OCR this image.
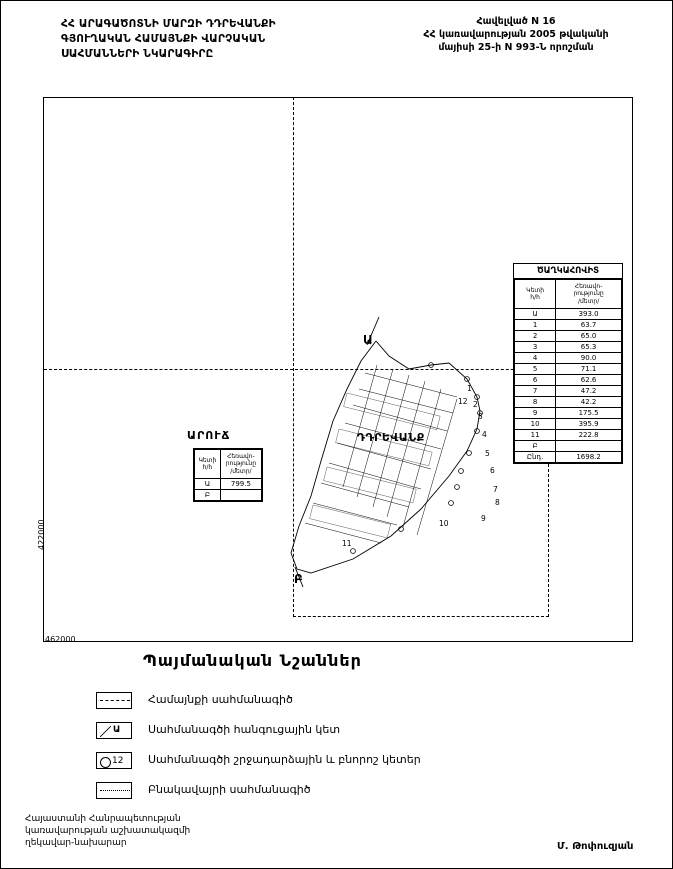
ՀՀ ԱՐԱԳԱԾՈՏՆԻ ՄԱՐԶԻ ԴԴՐԵՎԱՆՔԻ
ԳՅՈՒՂԱԿԱՆ ՀԱՄԱՅՆՔԻ ՎԱՐՉԱԿԱՆ
ՍԱՀՄԱՆՆԵՐԻ ՆԿԱՐԱԳԻՐԸ
Հավելված N 16
ՀՀ կառավարության 2005 թվականի
մայիսի 25-ի N 993-Ն որոշման
422000
462000
ԾԱՂԿԱՀՈՎԻՏ
Կետի
հ/հ	Հեռավո-
րությունը
/մետր/
Ա	393.0
1	63.7
2	65.0
3	65.3
4	90.0
5	71.1
6	62.6
7	47.2
8	42.2
9	175.5
10	395.9
11	222.8
Բ	
Ընդ.	1698.2
ԱՐՈՒՃ
Կետի
հ/հ	Հեռավո-
րությունը
/մետր/
Ա	799.5
Բ	
Ա
Բ
ԴԴՐԵՎԱՆՔ
1
2
3
4
5
6
7
8
9
10
11
12
Պայմանական Նշաններ
Համայնքի սահմանագիծ
Ա	Սահմանագծի հանգուցային կետ
12 Սահմանագծի շրջադարձային և բնորոշ կետեր
Բնակավայրի սահմանագիծ
Հայաստանի Հանրապետության
կառավարության աշխատակազմի
ղեկավար-նախարար	Մ. Թոփուզյան
